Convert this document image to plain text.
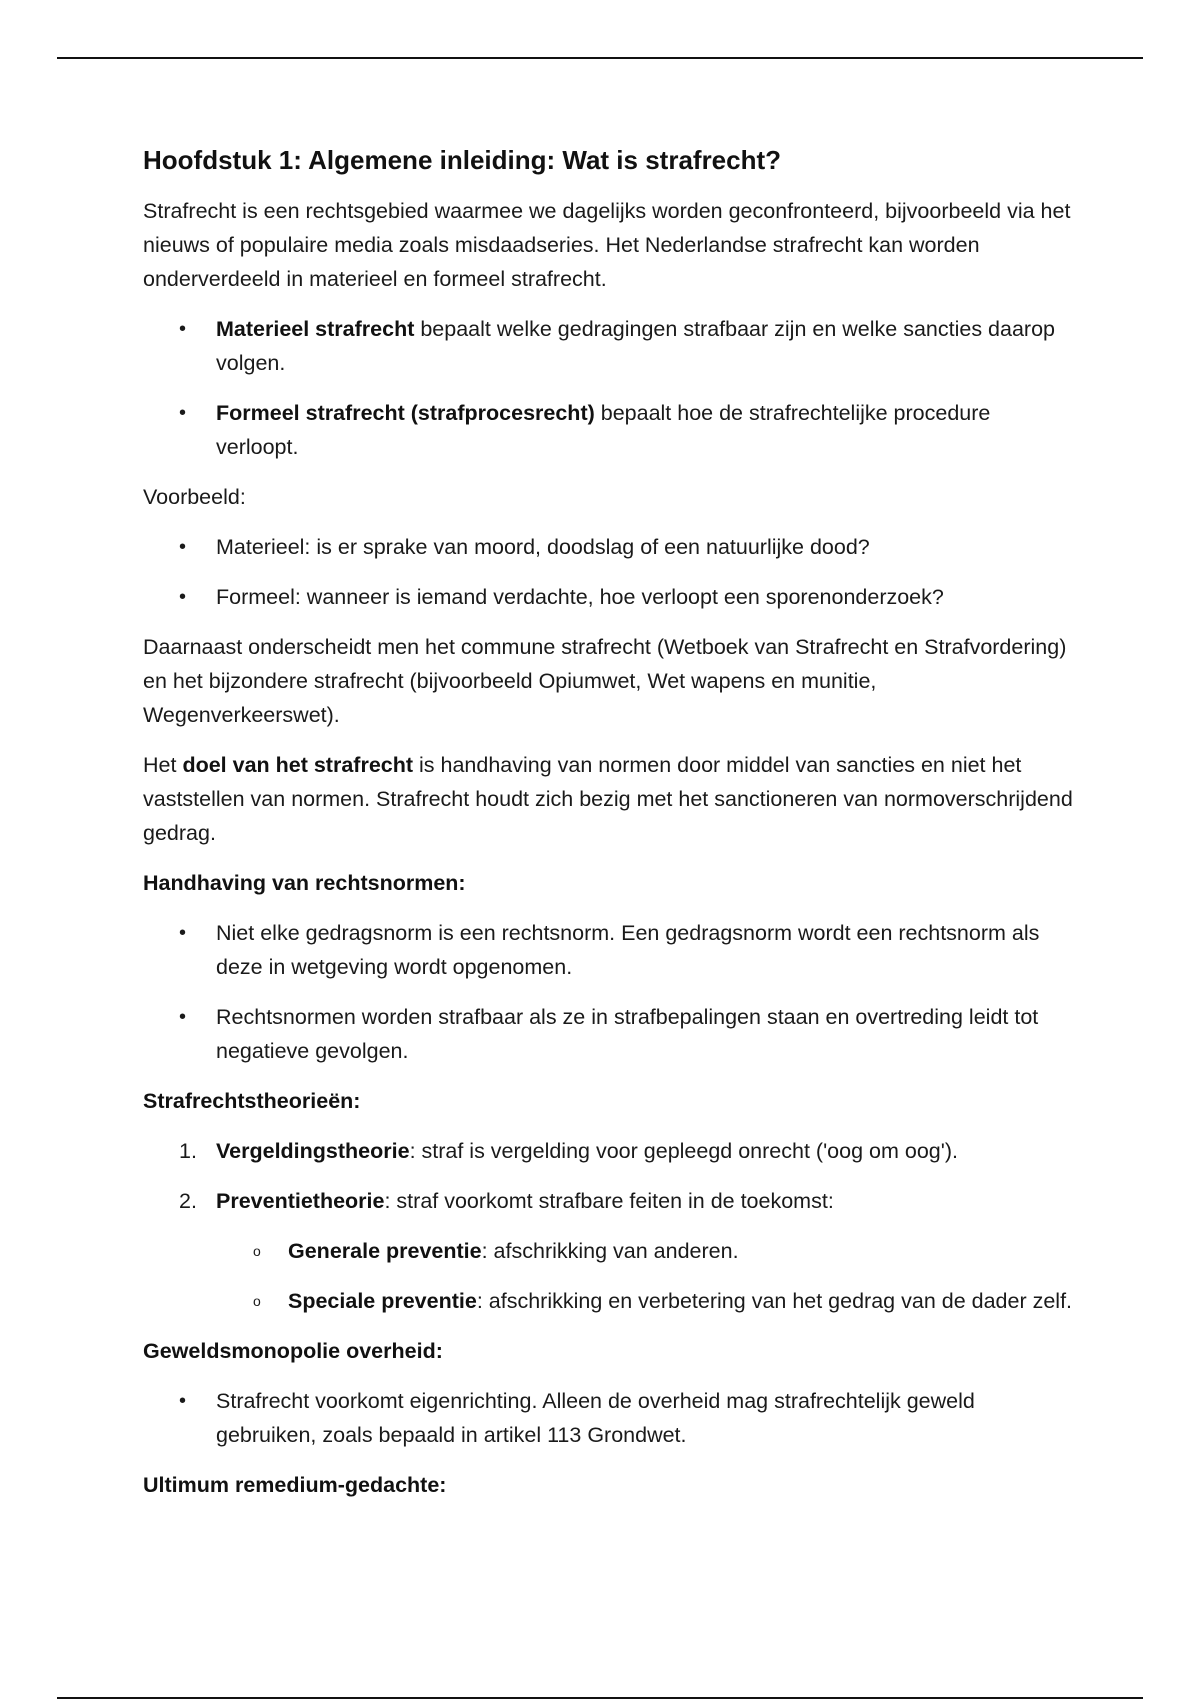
Hoofdstuk 1: Algemene inleiding: Wat is strafrecht?

Strafrecht is een rechtsgebied waarmee we dagelijks worden geconfronteerd, bijvoorbeeld via het nieuws of populaire media zoals misdaadseries. Het Nederlandse strafrecht kan worden onderverdeeld in materieel en formeel strafrecht.

• Materieel strafrecht bepaalt welke gedragingen strafbaar zijn en welke sancties daarop volgen.
• Formeel strafrecht (strafprocesrecht) bepaalt hoe de strafrechtelijke procedure verloopt.

Voorbeeld:

• Materieel: is er sprake van moord, doodslag of een natuurlijke dood?
• Formeel: wanneer is iemand verdachte, hoe verloopt een sporenonderzoek?

Daarnaast onderscheidt men het commune strafrecht (Wetboek van Strafrecht en Strafvordering) en het bijzondere strafrecht (bijvoorbeeld Opiumwet, Wet wapens en munitie, Wegenverkeerswet).

Het doel van het strafrecht is handhaving van normen door middel van sancties en niet het vaststellen van normen. Strafrecht houdt zich bezig met het sanctioneren van normoverschrijdend gedrag.

Handhaving van rechtsnormen:
• Niet elke gedragsnorm is een rechtsnorm. Een gedragsnorm wordt een rechtsnorm als deze in wetgeving wordt opgenomen.
• Rechtsnormen worden strafbaar als ze in strafbepalingen staan en overtreding leidt tot negatieve gevolgen.
Strafrechtstheorieën:
1. Vergeldingstheorie: straf is vergelding voor gepleegd onrecht ('oog om oog').
2. Preventietheorie: straf voorkomt strafbare feiten in de toekomst:
o Generale preventie: afschrikking van anderen.
o Speciale preventie: afschrikking en verbetering van het gedrag van de dader zelf.
Geweldsmonopolie overheid:
• Strafrecht voorkomt eigenrichting. Alleen de overheid mag strafrechtelijk geweld gebruiken, zoals bepaald in artikel 113 Grondwet.
Ultimum remedium-gedachte:
